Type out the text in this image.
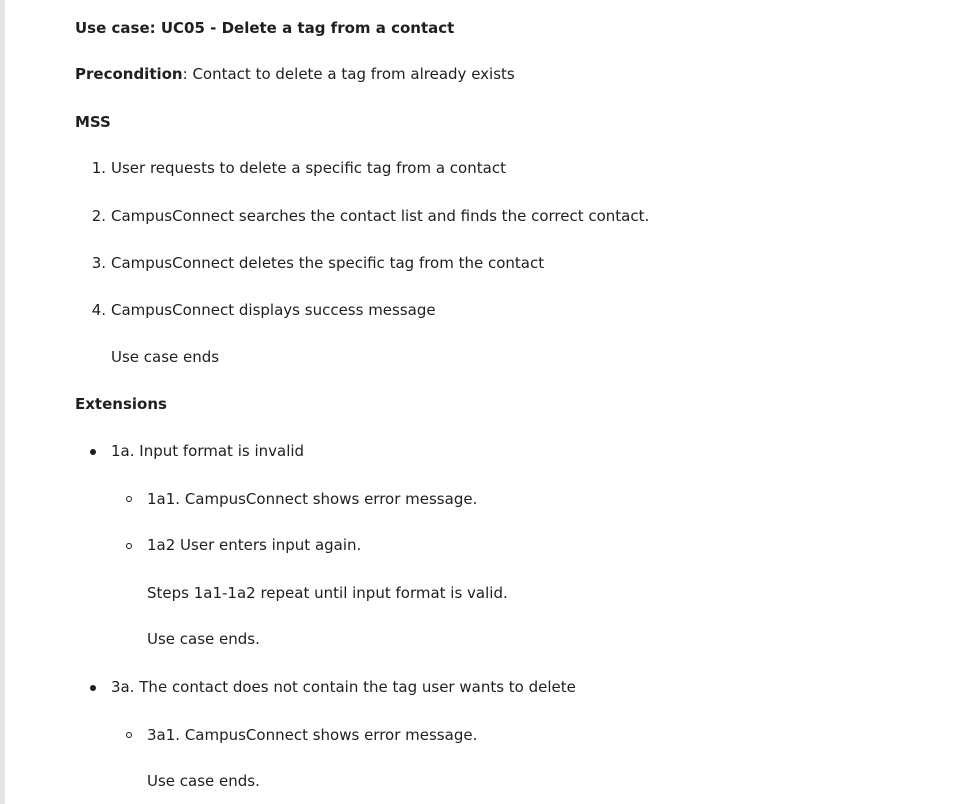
Use case: UC05 - Delete a tag from a contact
Precondition: Contact to delete a tag from already exists
MSS
1. User requests to delete a specific tag from a contact
2. CampusConnect searches the contact list and finds the correct contact.
3. CampusConnect deletes the specific tag from the contact
4. CampusConnect displays success message
Use case ends
Extensions
1a. Input format is invalid
1a1. CampusConnect shows error message.
1a2 User enters input again.
Steps 1a1-1a2 repeat until input format is valid.
Use case ends.
3a. The contact does not contain the tag user wants to delete
3a1. CampusConnect shows error message.
Use case ends.
